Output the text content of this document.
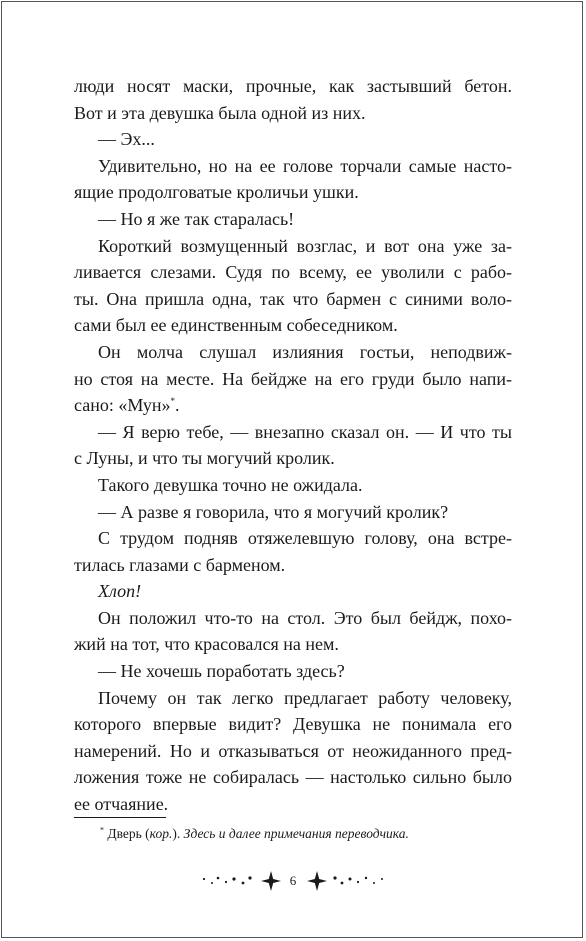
люди носят маски, прочные, как застывший бетон.
Вот и эта девушка была одной из них.

— Эх...

Удивительно, но на ее голове торчали самые насто-
ящие продолговатые кроличьи ушки.

— Но я же так старалась!

Короткий возмущенный возглас, и вот она уже за-
ливается слезами. Судя по всему, ее уволили с рабо-
ты. Она пришла одна, так что бармен с синими воло-
сами был ее единственным собеседником.

Он молча слушал излияния гостьи, неподвиж-
но стоя на месте. На бейдже на его груди было напи-
сано: «Мун»*.

— Я верю тебе, — внезапно сказал он. — И что ты
с Луны, и что ты могучий кролик.

Такого девушка точно не ожидала.

— А разве я говорила, что я могучий кролик?

С трудом подняв отяжелевшую голову, она встре-
тилась глазами с барменом.

Хлоп!

Он положил что-то на стол. Это был бейдж, похо-
жий на тот, что красовался на нем.

— Не хочешь поработать здесь?

Почему он так легко предлагает работу человеку,
которого впервые видит? Девушка не понимала его
намерений. Но и отказываться от неожиданного пред-
ложения тоже не собиралась — настолько сильно было
ее отчаяние.

* Дверь (кор.). Здесь и далее примечания переводчика.
6
